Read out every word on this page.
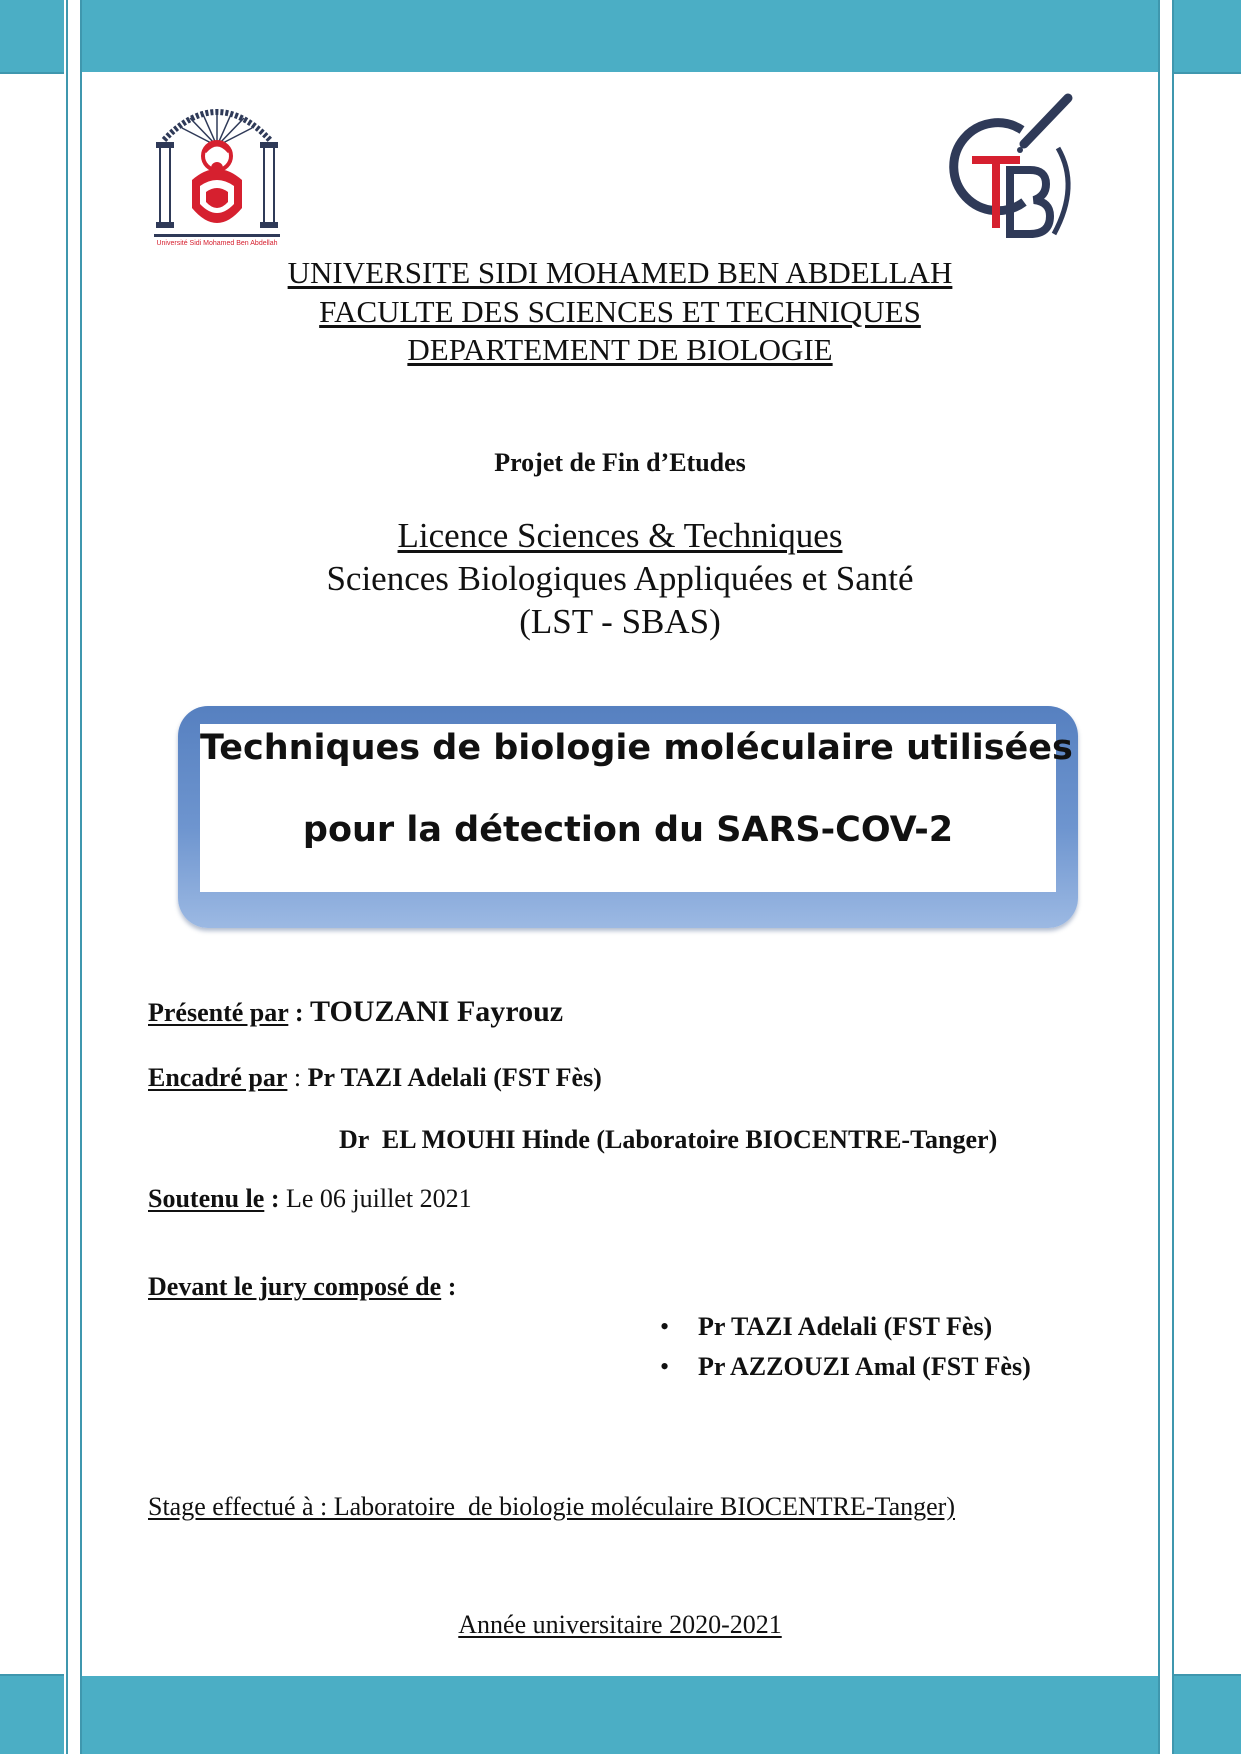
Université Sidi Mohamed Ben Abdellah
UNIVERSITE SIDI MOHAMED BEN ABDELLAH
FACULTE DES SCIENCES ET TECHNIQUES
DEPARTEMENT DE BIOLOGIE
Projet de Fin d’Etudes
Licence Sciences & Techniques
Sciences Biologiques Appliquées et Santé
(LST - SBAS)
Techniques de biologie moléculaire utilisées
pour la détection du SARS-COV-2
Présenté par : TOUZANI Fayrouz
Encadré par : Pr TAZI Adelali (FST Fès)
Dr  EL MOUHI Hinde (Laboratoire BIOCENTRE-Tanger)
Soutenu le : Le 06 juillet 2021
Devant le jury composé de :
• Pr TAZI Adelali (FST Fès)
• Pr AZZOUZI Amal (FST Fès)
Stage effectué à : Laboratoire  de biologie moléculaire BIOCENTRE-Tanger)
Année universitaire 2020-2021
